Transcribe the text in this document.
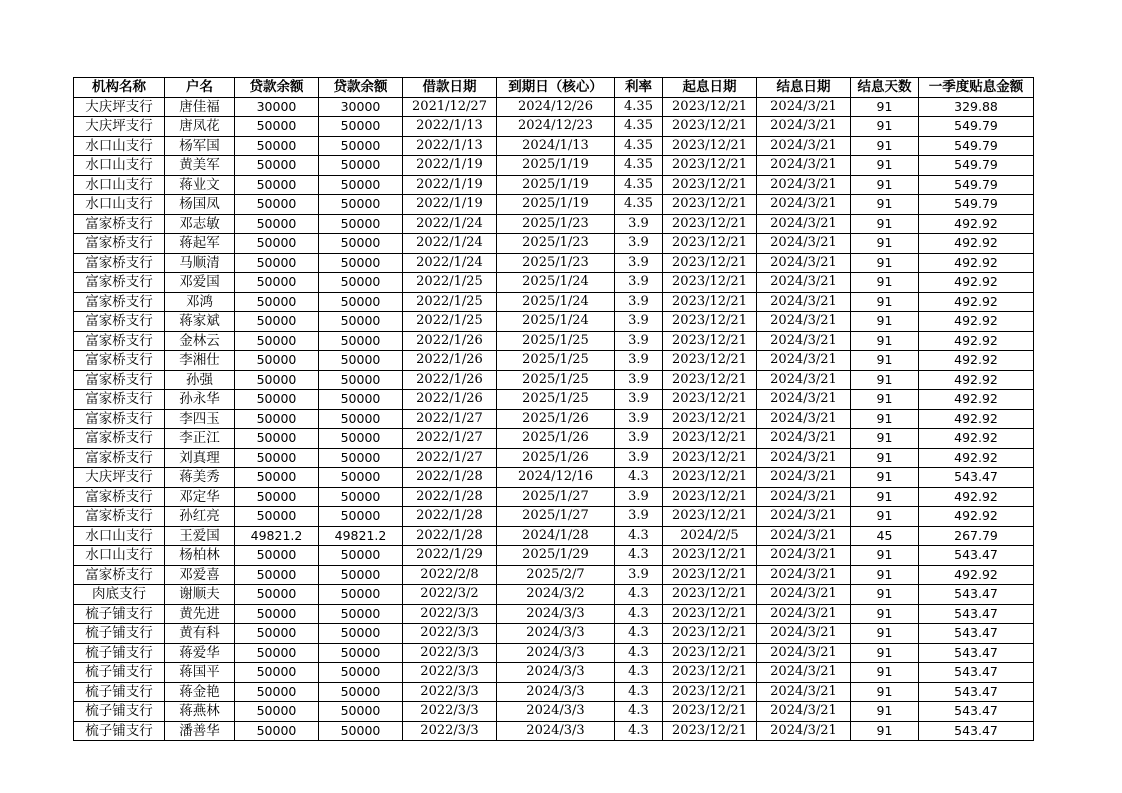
机构名称	户名	贷款余额	贷款余额	借款日期	到期日（核心）	利率	起息日期	结息日期	结息天数	一季度贴息金额
大庆坪支行	唐佳福	30000	30000	2021/12/27	2024/12/26	4.35	2023/12/21	2024/3/21	91	329.88
大庆坪支行	唐凤花	50000	50000	2022/1/13	2024/12/23	4.35	2023/12/21	2024/3/21	91	549.79
水口山支行	杨军国	50000	50000	2022/1/13	2024/1/13	4.35	2023/12/21	2024/3/21	91	549.79
水口山支行	黄美军	50000	50000	2022/1/19	2025/1/19	4.35	2023/12/21	2024/3/21	91	549.79
水口山支行	蒋业文	50000	50000	2022/1/19	2025/1/19	4.35	2023/12/21	2024/3/21	91	549.79
水口山支行	杨国凤	50000	50000	2022/1/19	2025/1/19	4.35	2023/12/21	2024/3/21	91	549.79
富家桥支行	邓志敏	50000	50000	2022/1/24	2025/1/23	3.9	2023/12/21	2024/3/21	91	492.92
富家桥支行	蒋起军	50000	50000	2022/1/24	2025/1/23	3.9	2023/12/21	2024/3/21	91	492.92
富家桥支行	马顺清	50000	50000	2022/1/24	2025/1/23	3.9	2023/12/21	2024/3/21	91	492.92
富家桥支行	邓爱国	50000	50000	2022/1/25	2025/1/24	3.9	2023/12/21	2024/3/21	91	492.92
富家桥支行	邓鸿	50000	50000	2022/1/25	2025/1/24	3.9	2023/12/21	2024/3/21	91	492.92
富家桥支行	蒋家斌	50000	50000	2022/1/25	2025/1/24	3.9	2023/12/21	2024/3/21	91	492.92
富家桥支行	金林云	50000	50000	2022/1/26	2025/1/25	3.9	2023/12/21	2024/3/21	91	492.92
富家桥支行	李湘仕	50000	50000	2022/1/26	2025/1/25	3.9	2023/12/21	2024/3/21	91	492.92
富家桥支行	孙强	50000	50000	2022/1/26	2025/1/25	3.9	2023/12/21	2024/3/21	91	492.92
富家桥支行	孙永华	50000	50000	2022/1/26	2025/1/25	3.9	2023/12/21	2024/3/21	91	492.92
富家桥支行	李四玉	50000	50000	2022/1/27	2025/1/26	3.9	2023/12/21	2024/3/21	91	492.92
富家桥支行	李正江	50000	50000	2022/1/27	2025/1/26	3.9	2023/12/21	2024/3/21	91	492.92
富家桥支行	刘真理	50000	50000	2022/1/27	2025/1/26	3.9	2023/12/21	2024/3/21	91	492.92
大庆坪支行	蒋美秀	50000	50000	2022/1/28	2024/12/16	4.3	2023/12/21	2024/3/21	91	543.47
富家桥支行	邓定华	50000	50000	2022/1/28	2025/1/27	3.9	2023/12/21	2024/3/21	91	492.92
富家桥支行	孙红亮	50000	50000	2022/1/28	2025/1/27	3.9	2023/12/21	2024/3/21	91	492.92
水口山支行	王爱国	49821.2	49821.2	2022/1/28	2024/1/28	4.3	2024/2/5	2024/3/21	45	267.79
水口山支行	杨柏林	50000	50000	2022/1/29	2025/1/29	4.3	2023/12/21	2024/3/21	91	543.47
富家桥支行	邓爱喜	50000	50000	2022/2/8	2025/2/7	3.9	2023/12/21	2024/3/21	91	492.92
肉底支行	谢顺夫	50000	50000	2022/3/2	2024/3/2	4.3	2023/12/21	2024/3/21	91	543.47
梳子铺支行	黄先进	50000	50000	2022/3/3	2024/3/3	4.3	2023/12/21	2024/3/21	91	543.47
梳子铺支行	黄有科	50000	50000	2022/3/3	2024/3/3	4.3	2023/12/21	2024/3/21	91	543.47
梳子铺支行	蒋爱华	50000	50000	2022/3/3	2024/3/3	4.3	2023/12/21	2024/3/21	91	543.47
梳子铺支行	蒋国平	50000	50000	2022/3/3	2024/3/3	4.3	2023/12/21	2024/3/21	91	543.47
梳子铺支行	蒋金艳	50000	50000	2022/3/3	2024/3/3	4.3	2023/12/21	2024/3/21	91	543.47
梳子铺支行	蒋燕林	50000	50000	2022/3/3	2024/3/3	4.3	2023/12/21	2024/3/21	91	543.47
梳子铺支行	潘善华	50000	50000	2022/3/3	2024/3/3	4.3	2023/12/21	2024/3/21	91	543.47
